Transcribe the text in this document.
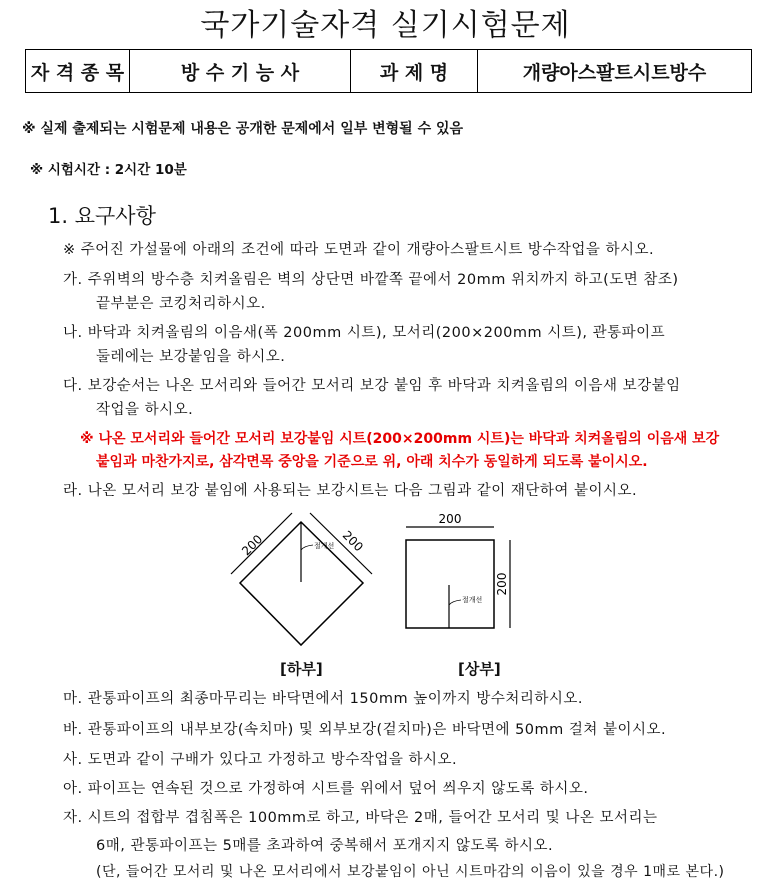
국가기술자격 실기시험문제
자 격 종 목	방 수 기 능 사	과 제 명	개량아스팔트시트방수
※ 실제 출제되는 시험문제 내용은 공개한 문제에서 일부 변형될 수 있음
※ 시험시간 : 2시간 10분
1. 요구사항
※ 주어진 가설물에 아래의 조건에 따라 도면과 같이 개량아스팔트시트 방수작업을 하시오.
가. 주위벽의 방수층 치켜올림은 벽의 상단면 바깥쪽 끝에서 20mm 위치까지 하고(도면 참조)
끝부분은 코킹처리하시오.
나. 바닥과 치켜올림의 이음새(폭 200mm 시트), 모서리(200×200mm 시트), 관통파이프
둘레에는 보강붙임을 하시오.
다. 보강순서는 나온 모서리와 들어간 모서리 보강 붙임 후 바닥과 치켜올림의 이음새 보강붙임
작업을 하시오.
※ 나온 모서리와 들어간 모서리 보강붙임 시트(200×200mm 시트)는 바닥과 치켜올림의 이음새 보강
붙임과 마찬가지로, 삼각면목 중앙을 기준으로 위, 아래 치수가 동일하게 되도록 붙이시오.
라. 나온 모서리 보강 붙임에 사용되는 보강시트는 다음 그림과 같이 재단하여 붙이시오.
200	200
절개선
200
200
절개선
[하부]	[상부]
마. 관통파이프의 최종마무리는 바닥면에서 150mm 높이까지 방수처리하시오.
바. 관통파이프의 내부보강(속치마) 및 외부보강(겉치마)은 바닥면에 50mm 걸쳐 붙이시오.
사. 도면과 같이 구배가 있다고 가정하고 방수작업을 하시오.
아. 파이프는 연속된 것으로 가정하여 시트를 위에서 덮어 씌우지 않도록 하시오.
자. 시트의 접합부 겹침폭은 100mm로 하고, 바닥은 2매, 들어간 모서리 및 나온 모서리는
6매, 관통파이프는 5매를 초과하여 중복해서 포개지지 않도록 하시오.
(단, 들어간 모서리 및 나온 모서리에서 보강붙임이 아닌 시트마감의 이음이 있을 경우 1매로 본다.)
